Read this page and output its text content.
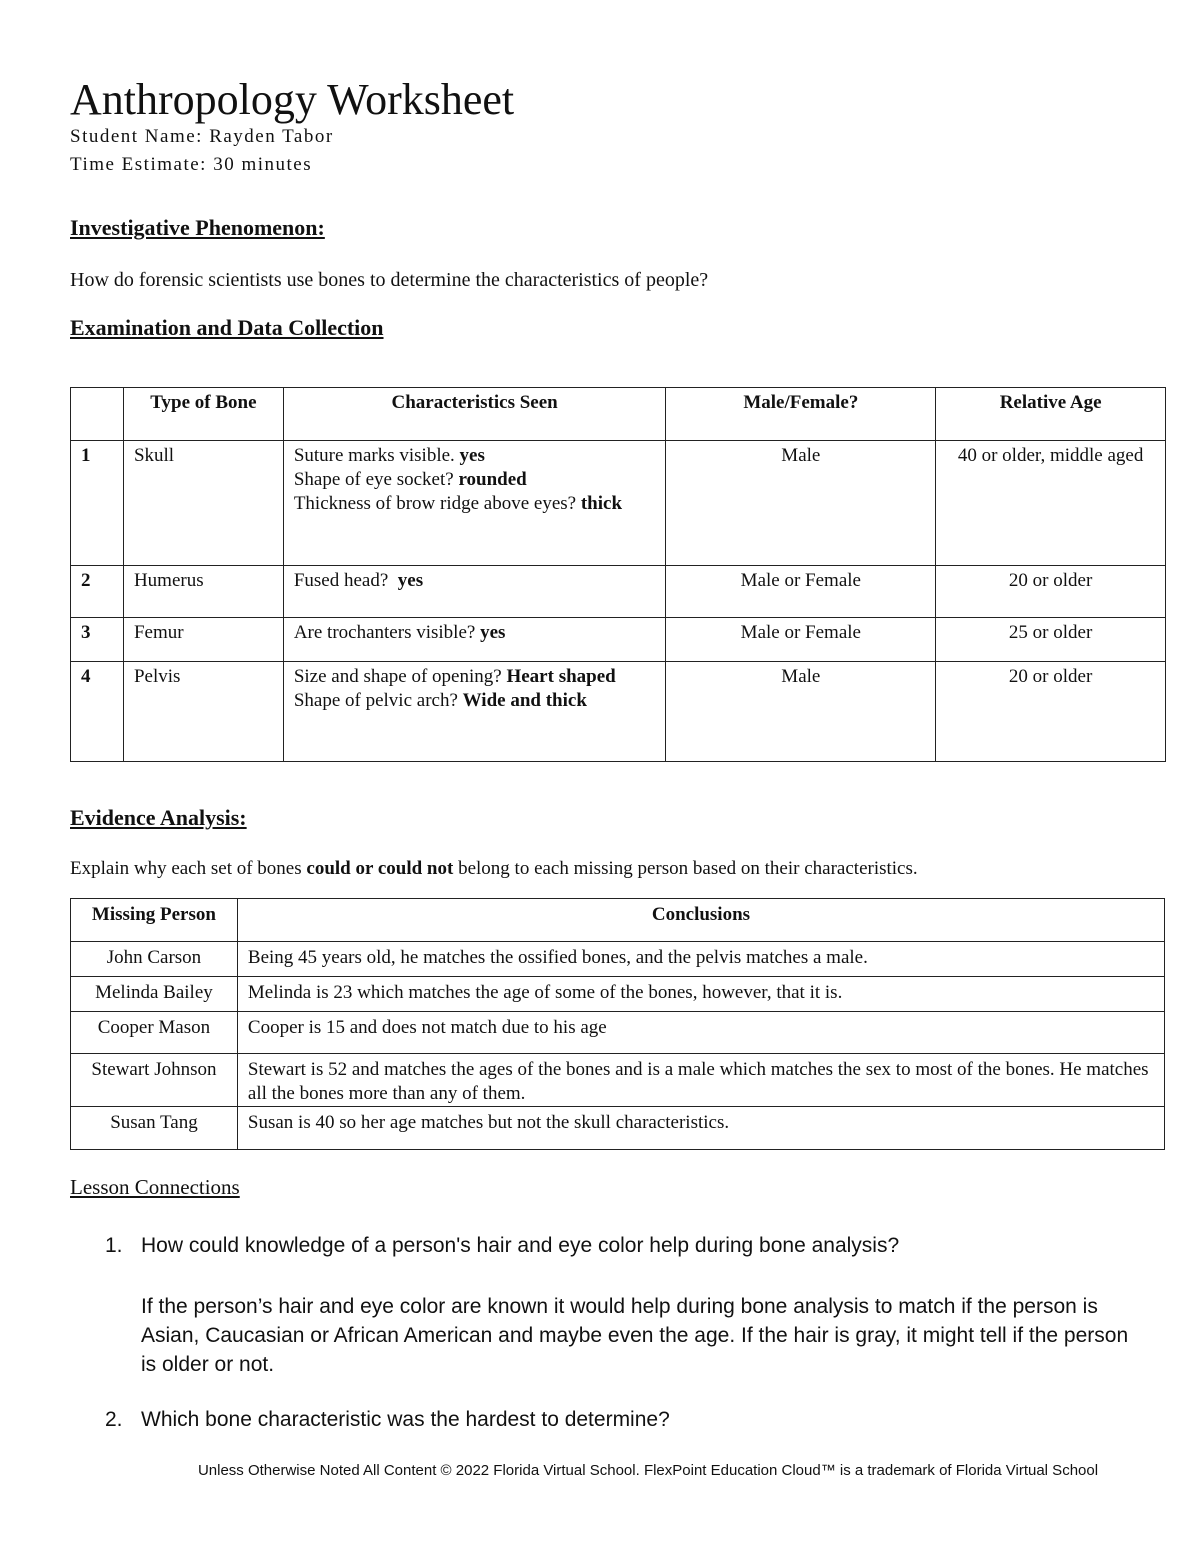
Anthropology Worksheet
Student Name: Rayden Tabor
Time Estimate: 30 minutes
Investigative Phenomenon:
How do forensic scientists use bones to determine the characteristics of people?
Examination and Data Collection
	Type of Bone	Characteristics Seen	Male/Female?	Relative Age
1	Skull	Suture marks visible. yes
Shape of eye socket? rounded
Thickness of brow ridge above eyes? thick	Male	40 or older, middle aged
2	Humerus	Fused head?  yes	Male or Female	20 or older
3	Femur	Are trochanters visible? yes	Male or Female	25 or older
4	Pelvis	Size and shape of opening? Heart shaped
Shape of pelvic arch? Wide and thick	Male	20 or older
Evidence Analysis:
Explain why each set of bones could or could not belong to each missing person based on their characteristics.
Missing Person	Conclusions
John Carson	Being 45 years old, he matches the ossified bones, and the pelvis matches a male.
Melinda Bailey	Melinda is 23 which matches the age of some of the bones, however, that it is.
Cooper Mason	Cooper is 15 and does not match due to his age
Stewart Johnson	Stewart is 52 and matches the ages of the bones and is a male which matches the sex to most of the bones. He matches all the bones more than any of them.
Susan Tang	Susan is 40 so her age matches but not the skull characteristics.
Lesson Connections
1. How could knowledge of a person's hair and eye color help during bone analysis?
If the person’s hair and eye color are known it would help during bone analysis to match if the person is Asian, Caucasian or African American and maybe even the age. If the hair is gray, it might tell if the person is older or not.
2. Which bone characteristic was the hardest to determine?
Unless Otherwise Noted All Content © 2022 Florida Virtual School. FlexPoint Education Cloud™ is a trademark of Florida Virtual School
